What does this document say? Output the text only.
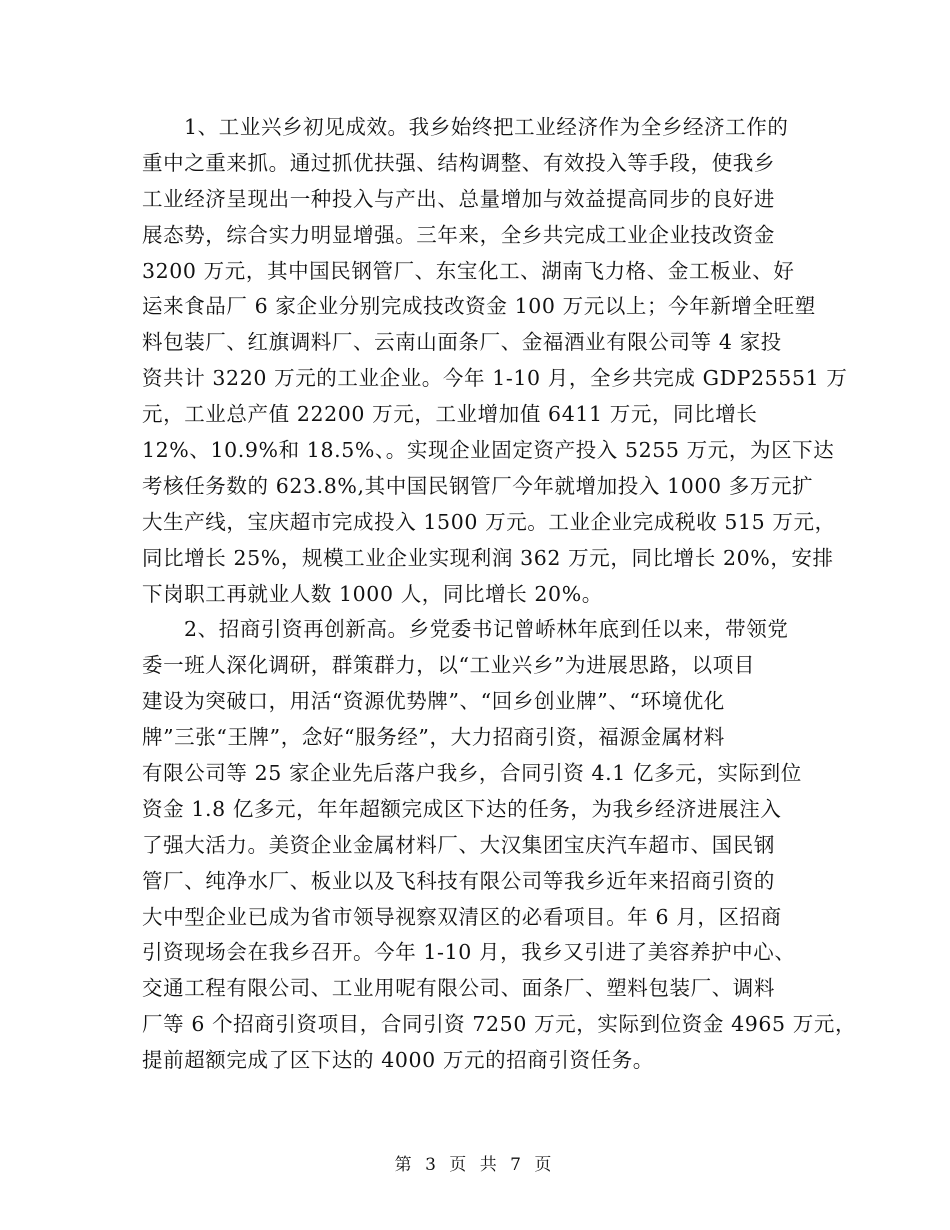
1、工业兴乡初见成效。我乡始终把工业经济作为全乡经济工作的
重中之重来抓。通过抓优扶强、结构调整、有效投入等手段，使我乡
工业经济呈现出一种投入与产出、总量增加与效益提高同步的良好进
展态势，综合实力明显增强。三年来，全乡共完成工业企业技改资金
3200 万元，其中国民钢管厂、东宝化工、湖南飞力格、金工板业、好
运来食品厂 6 家企业分别完成技改资金 100 万元以上；今年新增全旺塑
料包装厂、红旗调料厂、云南山面条厂、金福酒业有限公司等 4 家投
资共计 3220 万元的工业企业。今年 1-10 月，全乡共完成 GDP25551 万
元，工业总产值 22200 万元，工业增加值 6411 万元，同比增长
12%、10.9%和 18.5%、。实现企业固定资产投入 5255 万元，为区下达
考核任务数的 623.8%,其中国民钢管厂今年就增加投入 1000 多万元扩
大生产线，宝庆超市完成投入 1500 万元。工业企业完成税收 515 万元，
同比增长 25%，规模工业企业实现利润 362 万元，同比增长 20%，安排
下岗职工再就业人数 1000 人，同比增长 20%。
2、招商引资再创新高。乡党委书记曾峤林年底到任以来，带领党
委一班人深化调研，群策群力，以“工业兴乡”为进展思路，以项目
建设为突破口，用活“资源优势牌”、“回乡创业牌”、“环境优化
牌”三张“王牌”，念好“服务经”，大力招商引资，福源金属材料
有限公司等 25 家企业先后落户我乡，合同引资 4.1 亿多元，实际到位
资金 1.8 亿多元，年年超额完成区下达的任务，为我乡经济进展注入
了强大活力。美资企业金属材料厂、大汉集团宝庆汽车超市、国民钢
管厂、纯净水厂、板业以及飞科技有限公司等我乡近年来招商引资的
大中型企业已成为省市领导视察双清区的必看项目。年 6 月，区招商
引资现场会在我乡召开。今年 1-10 月，我乡又引进了美容养护中心、
交通工程有限公司、工业用呢有限公司、面条厂、塑料包装厂、调料
厂等 6 个招商引资项目，合同引资 7250 万元，实际到位资金 4965 万元，
提前超额完成了区下达的 4000 万元的招商引资任务。
第 3 页 共 7 页
